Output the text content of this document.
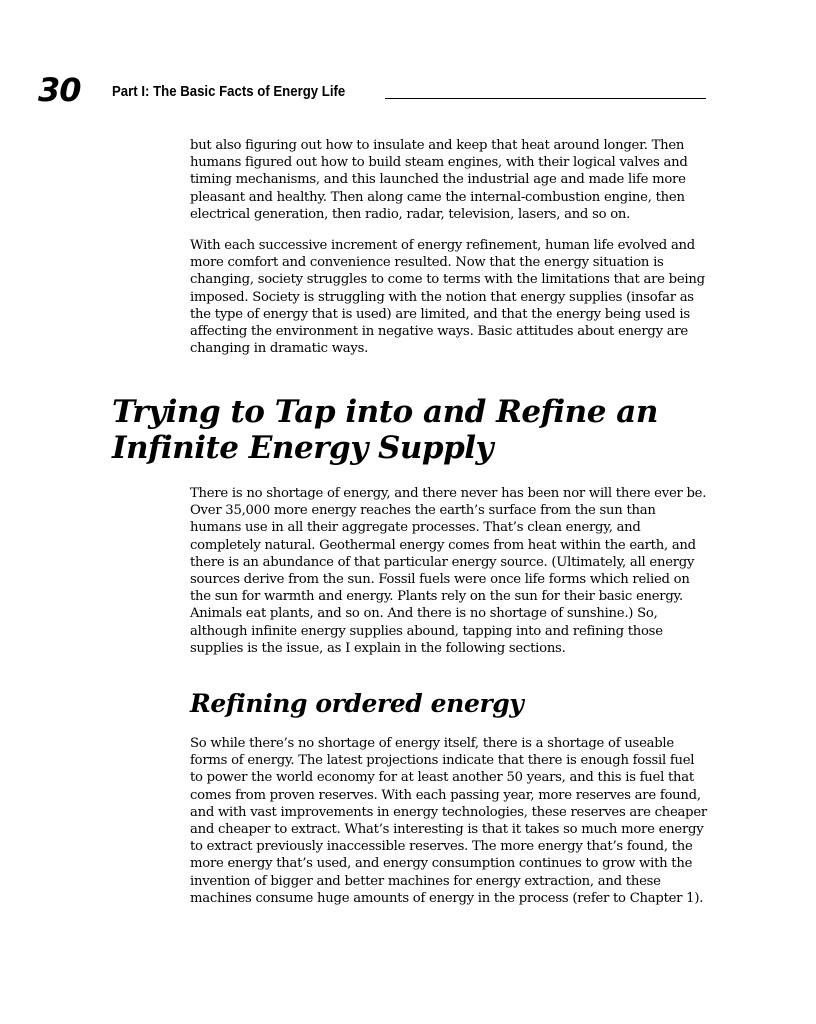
30 Part I: The Basic Facts of Energy Life

but also figuring out how to insulate and keep that heat around longer. Then humans figured out how to build steam engines, with their logical valves and timing mechanisms, and this launched the industrial age and made life more pleasant and healthy. Then along came the internal-combustion engine, then electrical generation, then radio, radar, television, lasers, and so on.

With each successive increment of energy refinement, human life evolved and more comfort and convenience resulted. Now that the energy situation is changing, society struggles to come to terms with the limitations that are being imposed. Society is struggling with the notion that energy supplies (insofar as the type of energy that is used) are limited, and that the energy being used is affecting the environment in negative ways. Basic attitudes about energy are changing in dramatic ways.

Trying to Tap into and Refine an Infinite Energy Supply

There is no shortage of energy, and there never has been nor will there ever be. Over 35,000 more energy reaches the earth’s surface from the sun than humans use in all their aggregate processes. That’s clean energy, and completely natural. Geothermal energy comes from heat within the earth, and there is an abundance of that particular energy source. (Ultimately, all energy sources derive from the sun. Fossil fuels were once life forms which relied on the sun for warmth and energy. Plants rely on the sun for their basic energy. Animals eat plants, and so on. And there is no shortage of sunshine.) So, although infinite energy supplies abound, tapping into and refining those supplies is the issue, as I explain in the following sections.

Refining ordered energy

So while there’s no shortage of energy itself, there is a shortage of useable forms of energy. The latest projections indicate that there is enough fossil fuel to power the world economy for at least another 50 years, and this is fuel that comes from proven reserves. With each passing year, more reserves are found, and with vast improvements in energy technologies, these reserves are cheaper and cheaper to extract. What’s interesting is that it takes so much more energy to extract previously inaccessible reserves. The more energy that’s found, the more energy that’s used, and energy consumption continues to grow with the invention of bigger and better machines for energy extraction, and these machines consume huge amounts of energy in the process (refer to Chapter 1).
